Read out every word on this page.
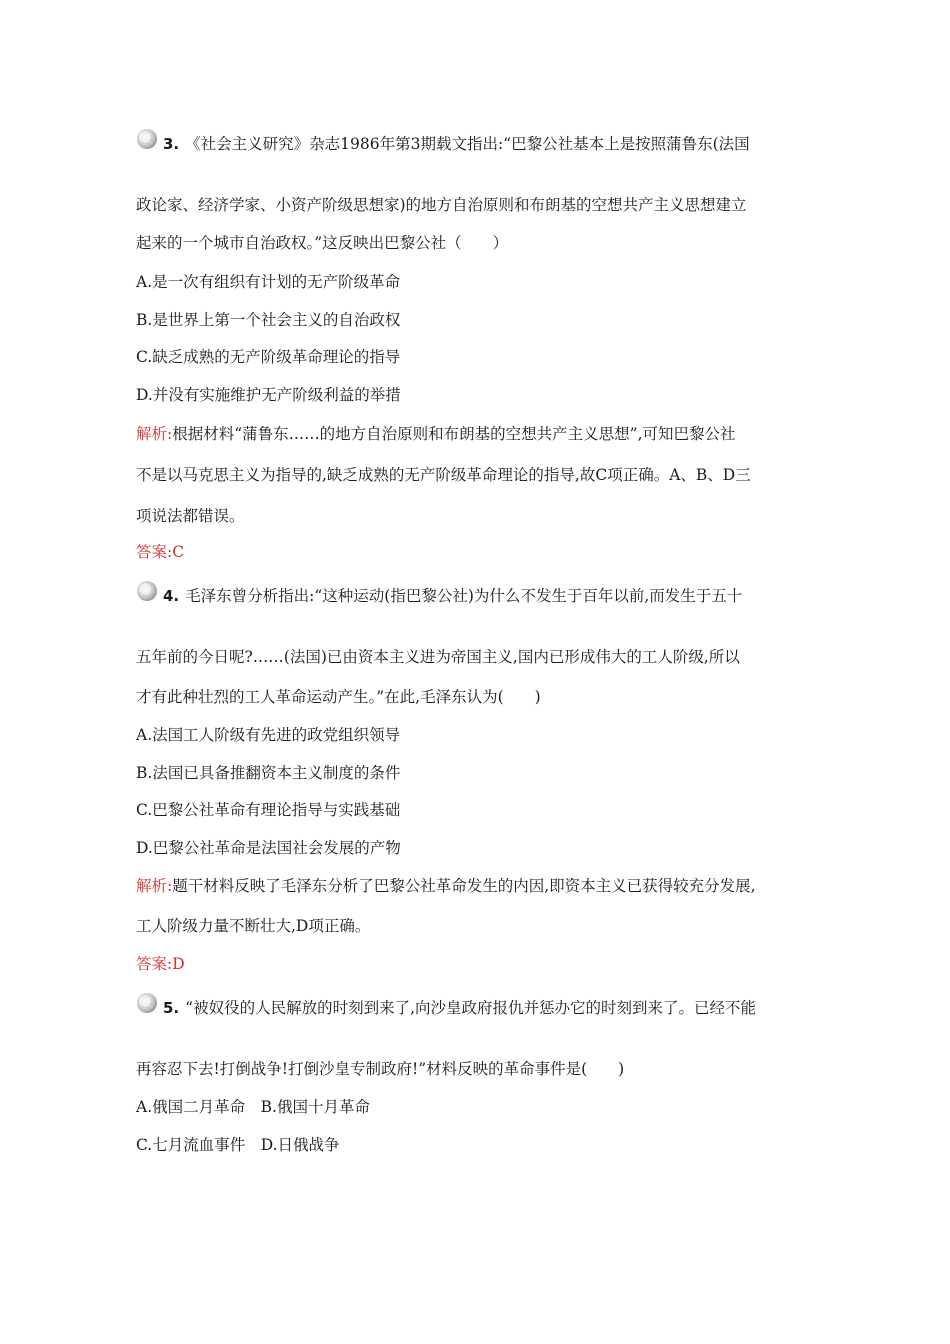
3. 《社会主义研究》杂志1986年第3期载文指出:“巴黎公社基本上是按照蒲鲁东(法国
政论家、经济学家、小资产阶级思想家)的地方自治原则和布朗基的空想共产主义思想建立
起来的一个城市自治政权。”这反映出巴黎公社（　　）
A.是一次有组织有计划的无产阶级革命
B.是世界上第一个社会主义的自治政权
C.缺乏成熟的无产阶级革命理论的指导
D.并没有实施维护无产阶级利益的举措
解析:根据材料“蒲鲁东……的地方自治原则和布朗基的空想共产主义思想”,可知巴黎公社
不是以马克思主义为指导的,缺乏成熟的无产阶级革命理论的指导,故C项正确。A、B、D三
项说法都错误。
答案:C
4. 毛泽东曾分析指出:“这种运动(指巴黎公社)为什么不发生于百年以前,而发生于五十
五年前的今日呢?……(法国)已由资本主义进为帝国主义,国内已形成伟大的工人阶级,所以
才有此种壮烈的工人革命运动产生。”在此,毛泽东认为(　　)
A.法国工人阶级有先进的政党组织领导
B.法国已具备推翻资本主义制度的条件
C.巴黎公社革命有理论指导与实践基础
D.巴黎公社革命是法国社会发展的产物
解析:题干材料反映了毛泽东分析了巴黎公社革命发生的内因,即资本主义已获得较充分发展,
工人阶级力量不断壮大,D项正确。
答案:D
5. “被奴役的人民解放的时刻到来了,向沙皇政府报仇并惩办它的时刻到来了。已经不能
再容忍下去!打倒战争!打倒沙皇专制政府!”材料反映的革命事件是(　　)
A.俄国二月革命　B.俄国十月革命
C.七月流血事件　D.日俄战争
